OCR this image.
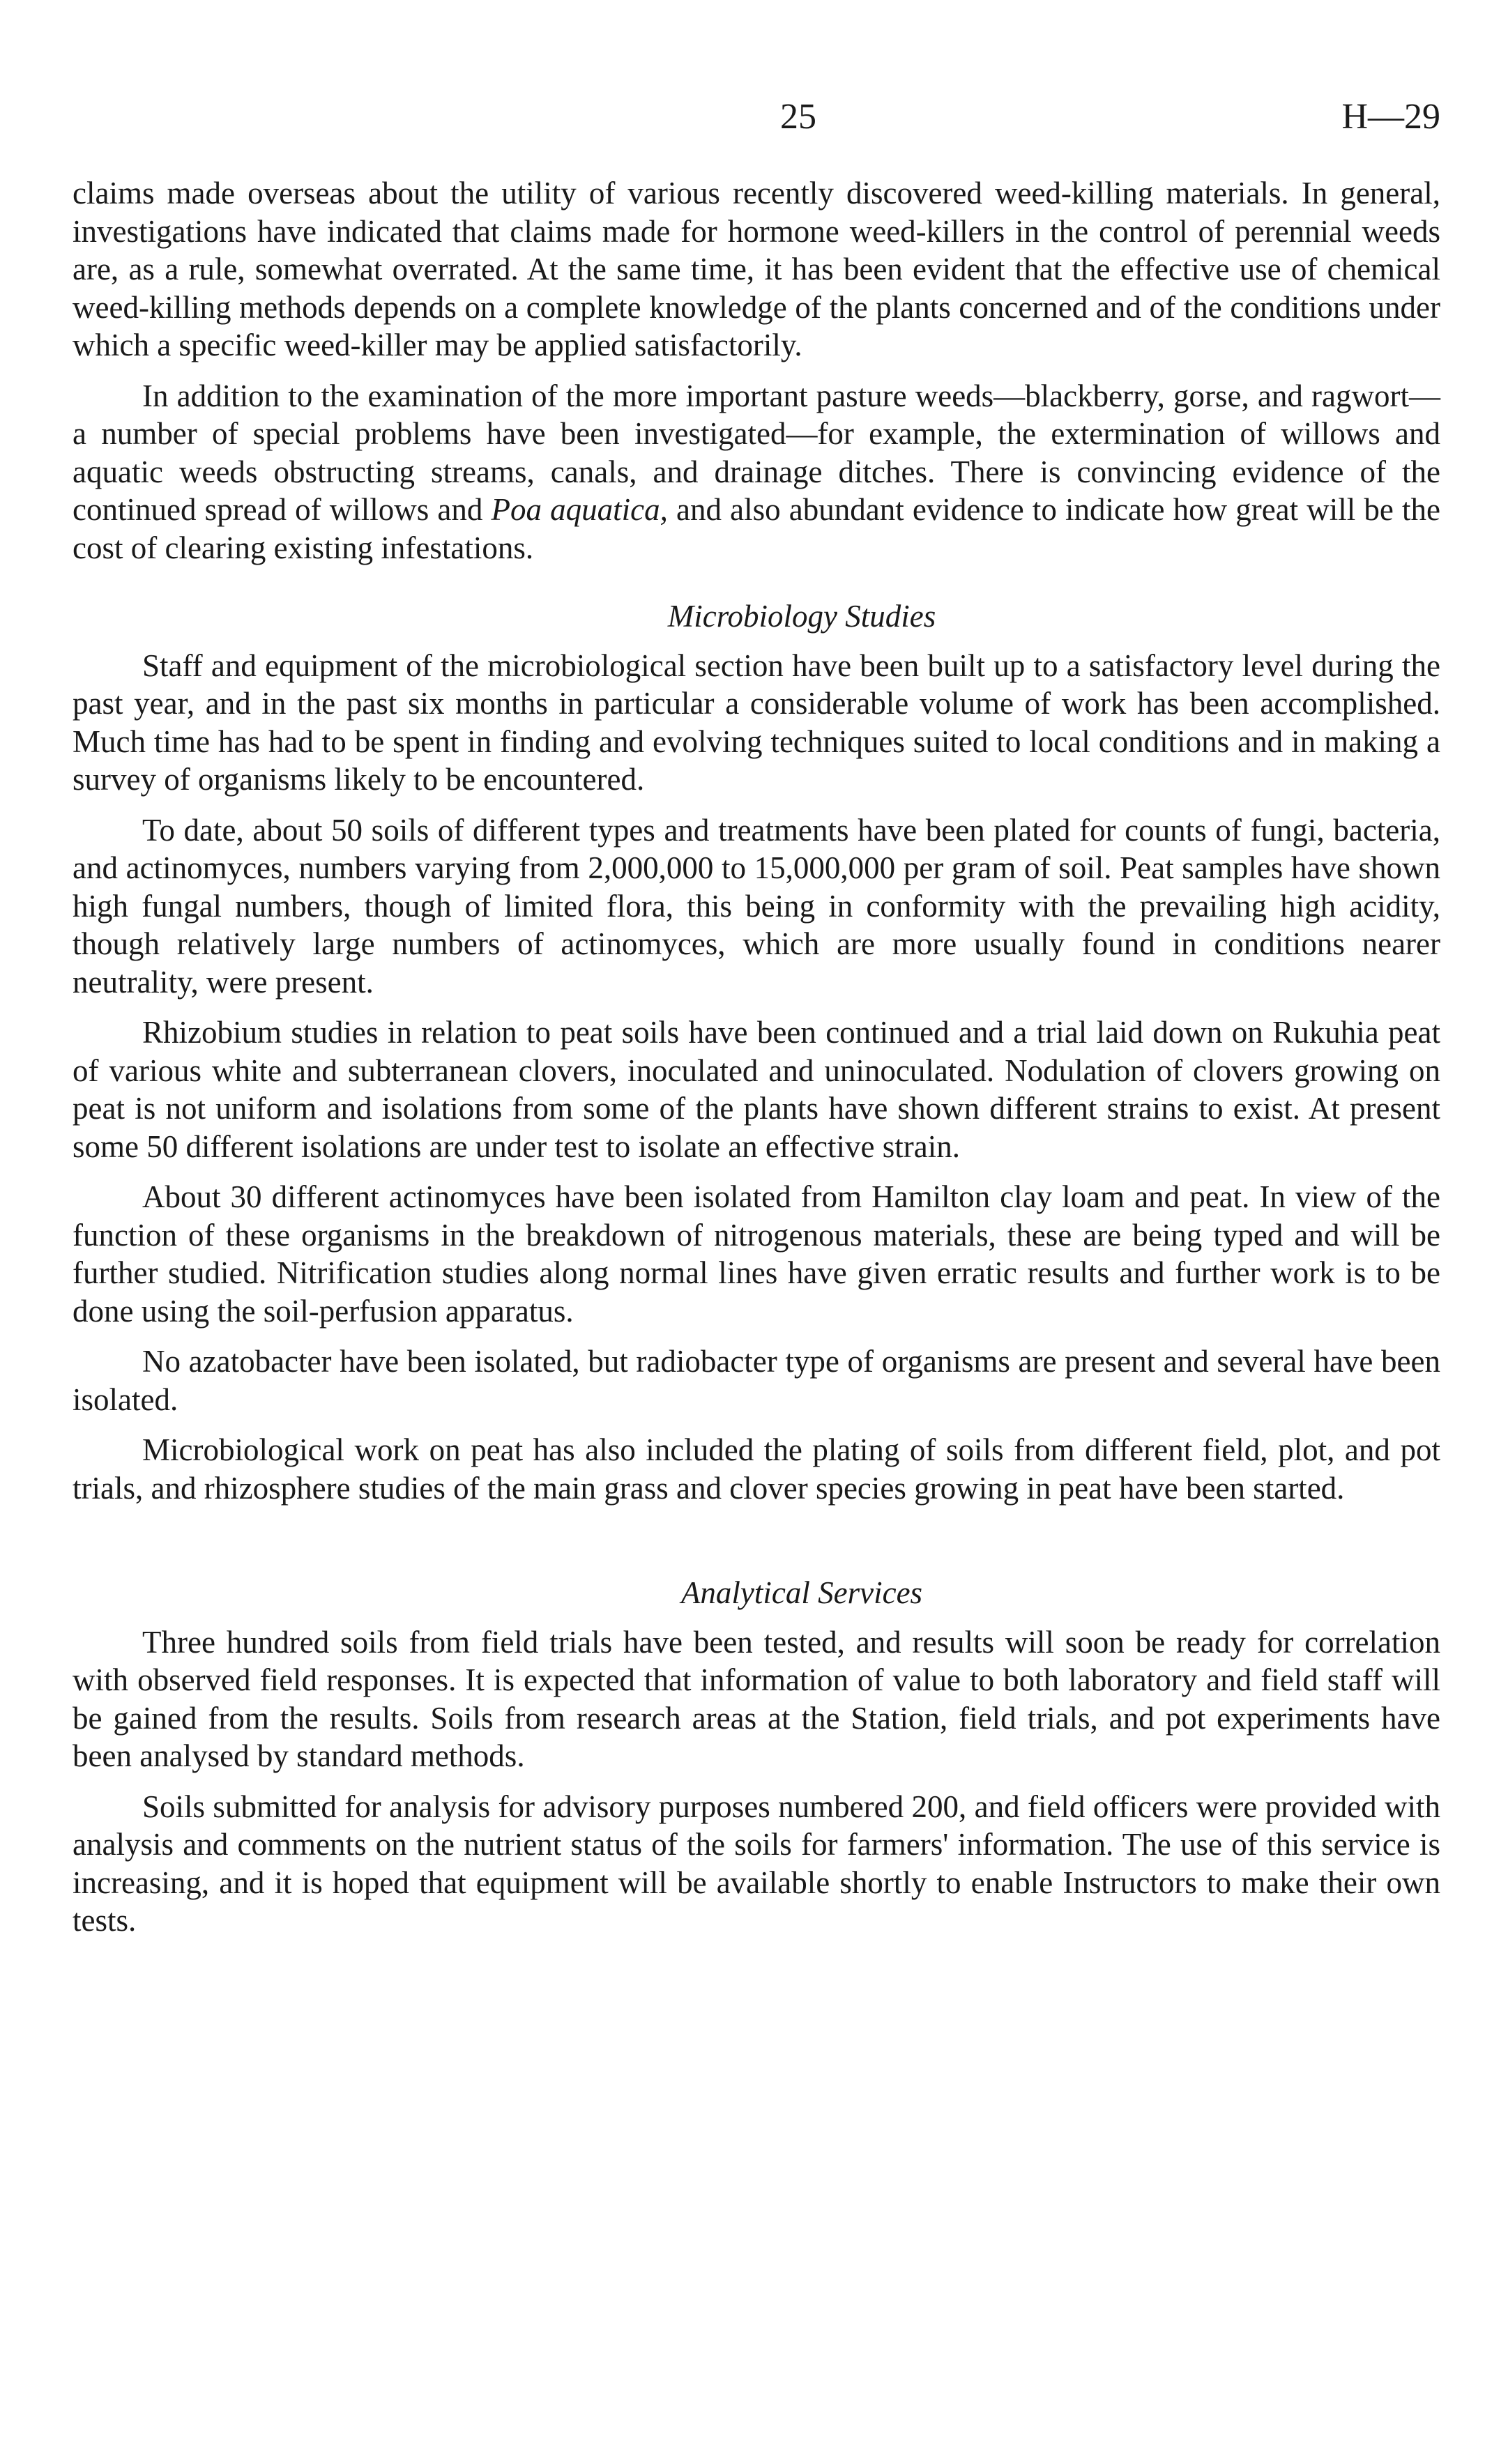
25	H—29

claims made overseas about the utility of various recently discovered weed-killing materials. In general, investigations have indicated that claims made for hormone weed-killers in the control of perennial weeds are, as a rule, somewhat overrated. At the same time, it has been evident that the effective use of chemical weed-killing methods depends on a complete knowledge of the plants concerned and of the conditions under which a specific weed-killer may be applied satisfactorily.

In addition to the examination of the more important pasture weeds—blackberry, gorse, and ragwort—a number of special problems have been investigated—for example, the extermination of willows and aquatic weeds obstructing streams, canals, and drainage ditches. There is convincing evidence of the continued spread of willows and Poa aquatica, and also abundant evidence to indicate how great will be the cost of clearing existing infestations.

Microbiology Studies

Staff and equipment of the microbiological section have been built up to a satisfactory level during the past year, and in the past six months in particular a considerable volume of work has been accomplished. Much time has had to be spent in finding and evolving techniques suited to local conditions and in making a survey of organisms likely to be encountered.

To date, about 50 soils of different types and treatments have been plated for counts of fungi, bacteria, and actinomyces, numbers varying from 2,000,000 to 15,000,000 per gram of soil. Peat samples have shown high fungal numbers, though of limited flora, this being in conformity with the prevailing high acidity, though relatively large numbers of actinomyces, which are more usually found in conditions nearer neutrality, were present.

Rhizobium studies in relation to peat soils have been continued and a trial laid down on Rukuhia peat of various white and subterranean clovers, inoculated and uninoculated. Nodulation of clovers growing on peat is not uniform and isolations from some of the plants have shown different strains to exist. At present some 50 different isolations are under test to isolate an effective strain.

About 30 different actinomyces have been isolated from Hamilton clay loam and peat. In view of the function of these organisms in the breakdown of nitrogenous materials, these are being typed and will be further studied. Nitrification studies along normal lines have given erratic results and further work is to be done using the soil-perfusion apparatus.

No azatobacter have been isolated, but radiobacter type of organisms are present and several have been isolated.

Microbiological work on peat has also included the plating of soils from different field, plot, and pot trials, and rhizosphere studies of the main grass and clover species growing in peat have been started.

Analytical Services

Three hundred soils from field trials have been tested, and results will soon be ready for correlation with observed field responses. It is expected that information of value to both laboratory and field staff will be gained from the results. Soils from research areas at the Station, field trials, and pot experiments have been analysed by standard methods.

Soils submitted for analysis for advisory purposes numbered 200, and field officers were provided with analysis and comments on the nutrient status of the soils for farmers' information. The use of this service is increasing, and it is hoped that equipment will be available shortly to enable Instructors to make their own tests.
